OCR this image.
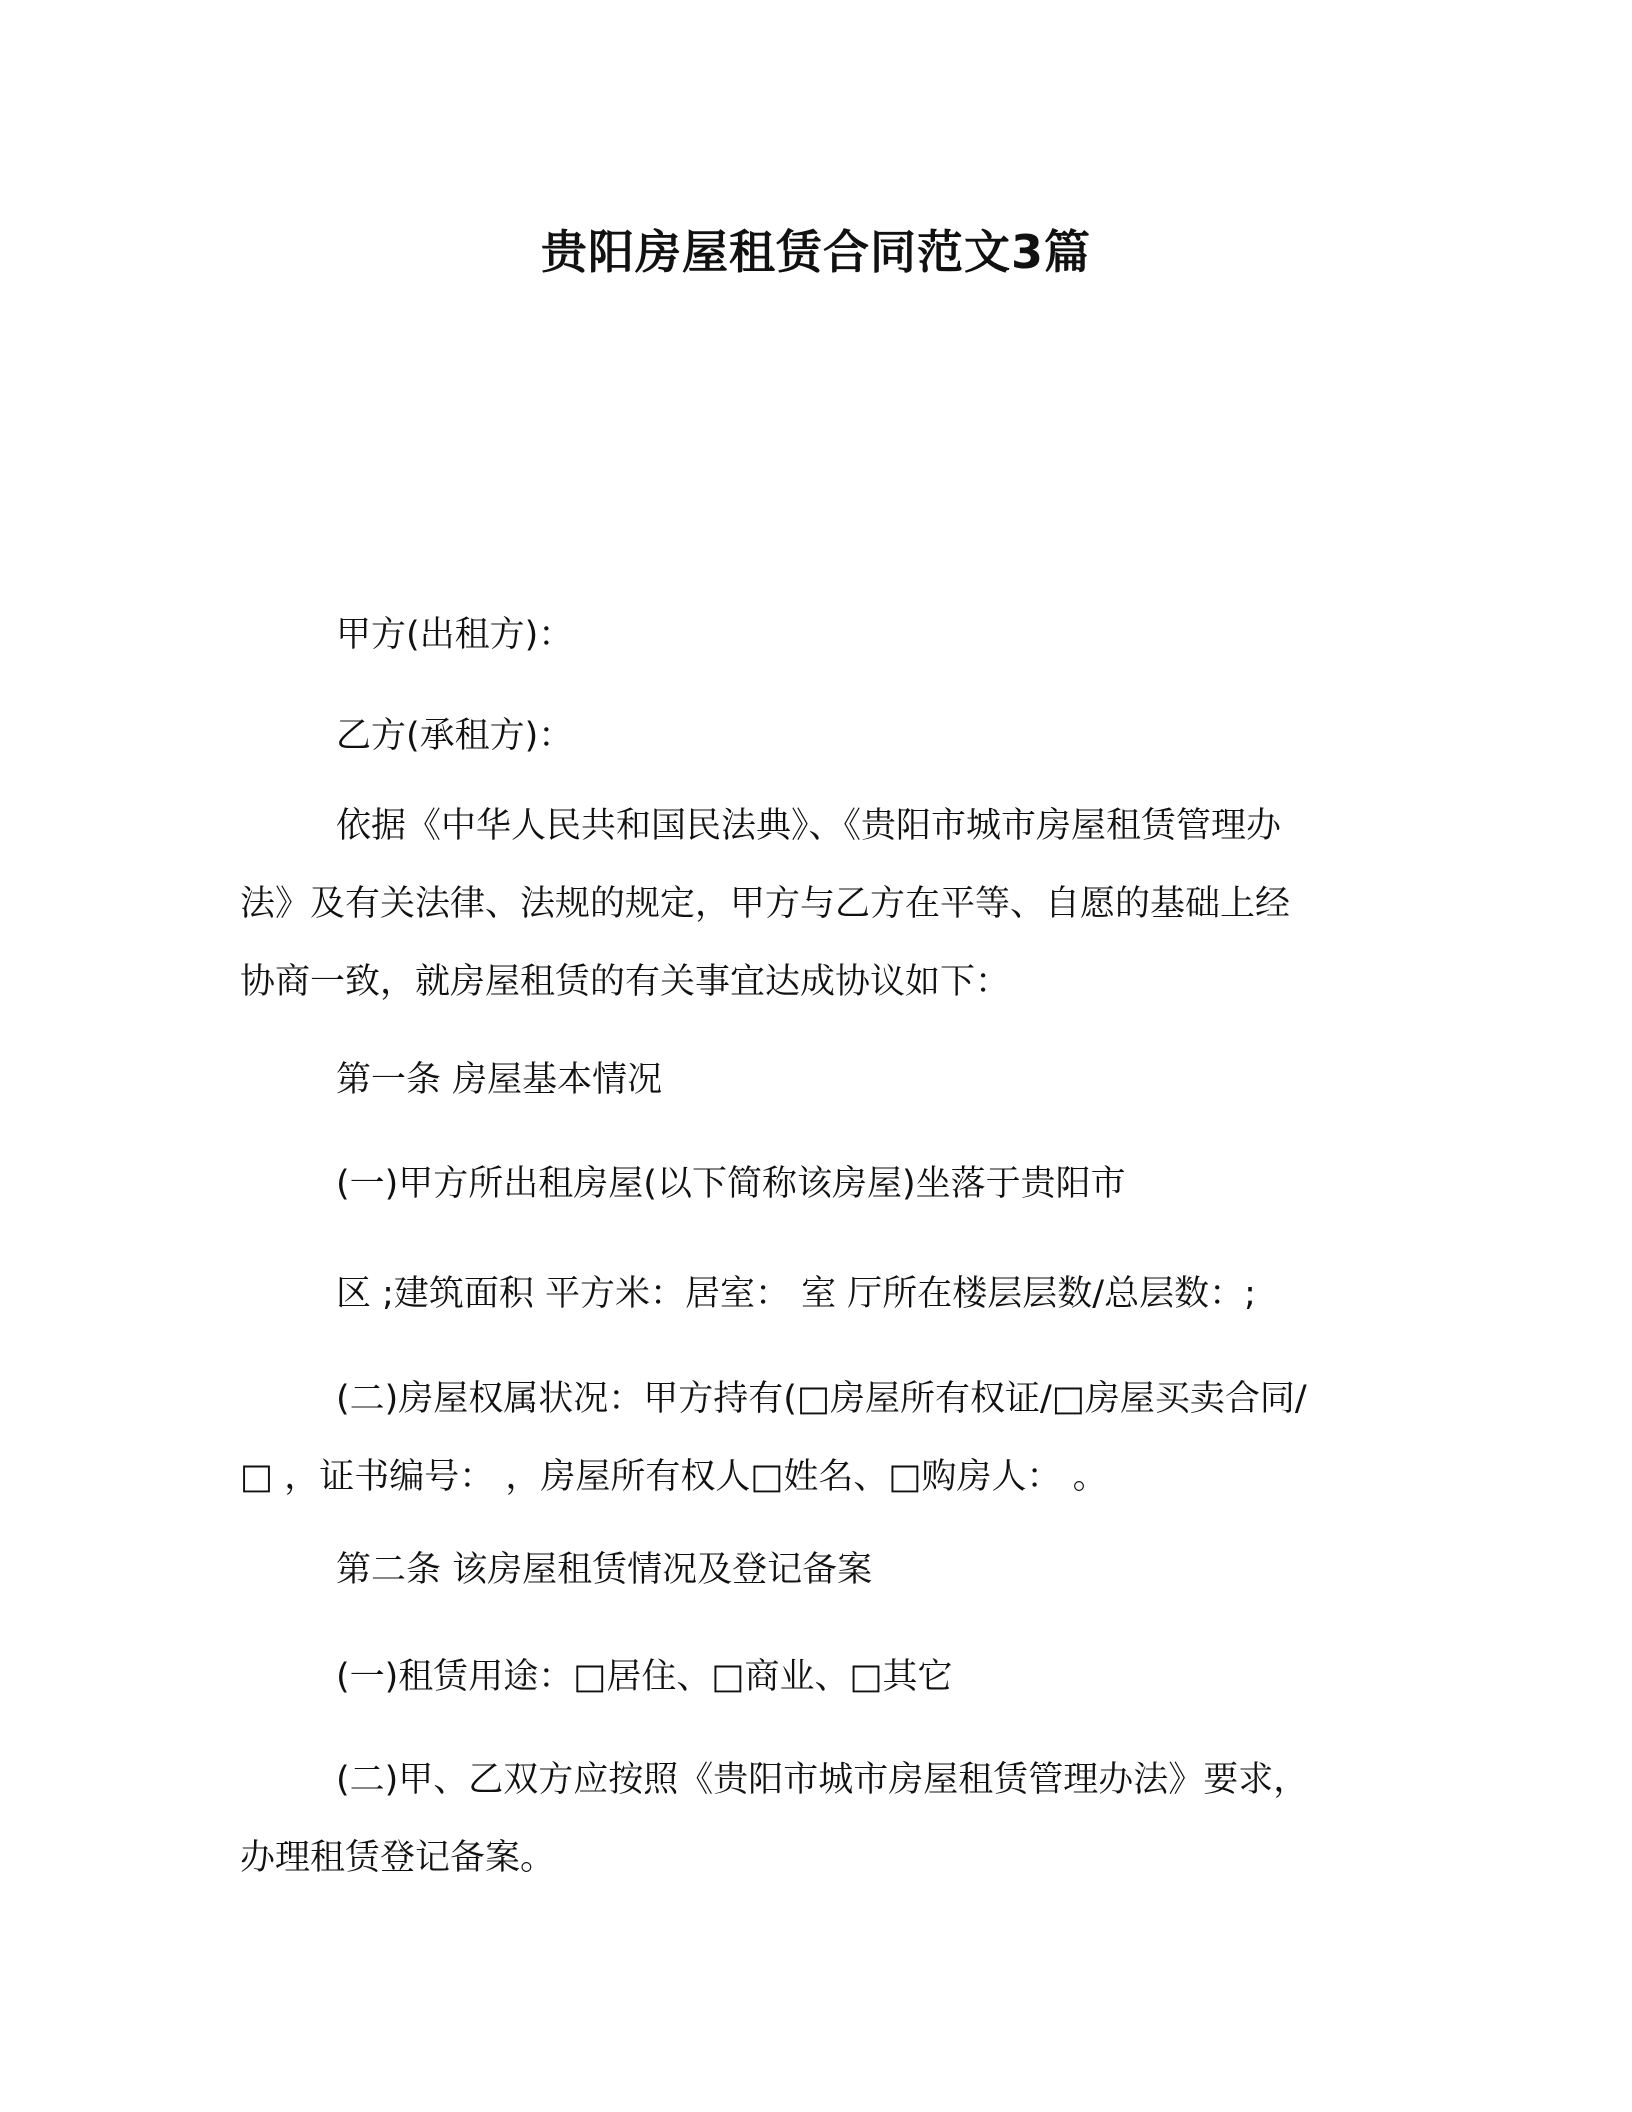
贵阳房屋租赁合同范文3篇
甲方(出租方)：
乙方(承租方)：
依据《中华人民共和国民法典》、《贵阳市城市房屋租赁管理办
法》及有关法律、法规的规定，甲方与乙方在平等、自愿的基础上经
协商一致，就房屋租赁的有关事宜达成协议如下：
第一条 房屋基本情况
(一)甲方所出租房屋(以下简称该房屋)坐落于贵阳市
区 ;建筑面积 平方米：居室： 室 厅所在楼层层数/总层数：;
(二)房屋权属状况：甲方持有(□房屋所有权证/□房屋买卖合同/
□ ，证书编号： ，房屋所有权人□姓名、□购房人： 。
第二条 该房屋租赁情况及登记备案
(一)租赁用途：□居住、□商业、□其它
(二)甲、乙双方应按照《贵阳市城市房屋租赁管理办法》要求，
办理租赁登记备案。
